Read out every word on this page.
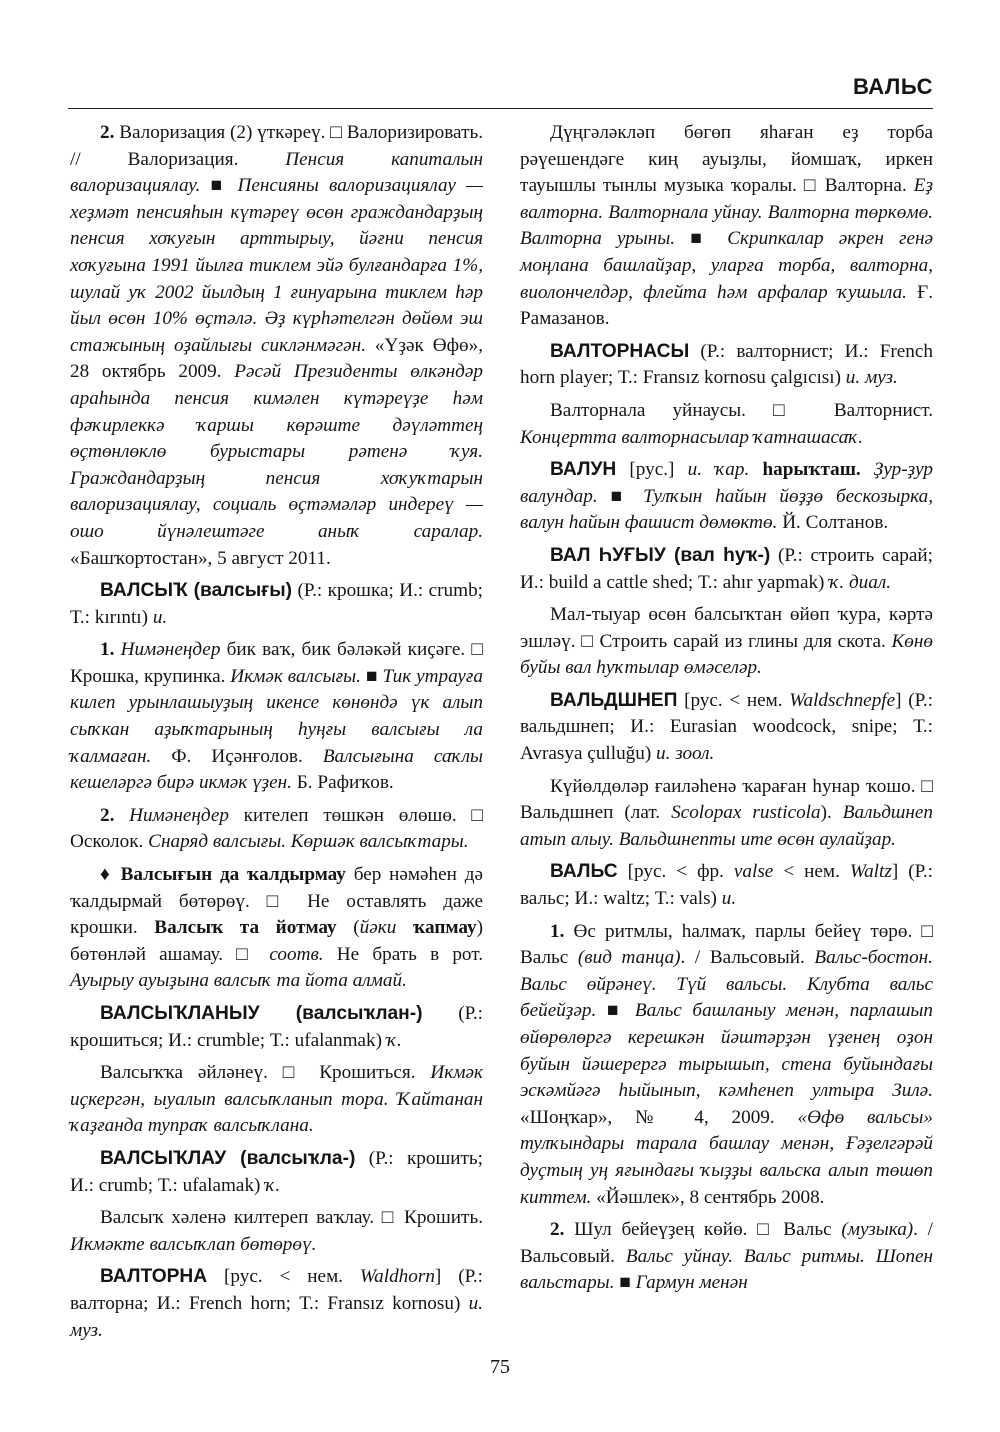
ВАЛЬС

2. Валоризация (2) үткәреү. □ Валоризировать. // Валоризация. Пенсия капиталын валоризациялау. ■ Пенсияны валоризациялау — хеҙмәт пенсияһын күтәреү өсөн граждандарҙың пенсия хоҡуғын арттырыу, йәғни пенсия хоҡуғына 1991 йылға тиклем эйә булғандарға 1%, шулай уҡ 2002 йылдың 1 ғинуарына тиклем һәр йыл өсөн 10% өҫтәлә. Әҙ күрһәтелгән дөйөм эш стажының оҙайлығы сикләнмәгән. «Үҙәк Өфө», 28 октябрь 2009. Рәсәй Президенты өлкәндәр араһында пенсия кимәлен күтәреүҙе һәм фәҡирлеккә ҡаршы көрәште дәүләттең өҫтөнлөклө бурыстары рәтенә ҡуя. Граждандарҙың пенсия хоҡуҡтарын валоризациялау, социаль өҫтәмәләр индереү — ошо йүнәлештәге аныҡ саралар. «Башҡортостан», 5 август 2011.

ВАЛСЫҠ (валсығы) (Р.: крошка; И.: crumb; Т.: kırıntı) и.

1. Нимәнеңдер бик ваҡ, бик бәләкәй киҫәге. □ Крошка, крупинка. Икмәк валсығы. ■ Тик утрауға килеп урынлашыуҙың икенсе көнөндә үк алып сыҡкан аҙыҡтарының һуңғы валсығы ла ҡалмаған. Ф. Иҫәнғолов. Валсығына саҡлы кешеләргә бирә икмәк үҙен. Б. Рафиҡов.

2. Нимәнеңдер кителеп төшкән өлөшө. □ Осколок. Снаряд валсығы. Көршәк валсыҡтары.

♦ Валсығын да ҡалдырмау бер нәмәһен дә ҡалдырмай бөтөрөү. □ Не оставлять даже крошки. Валсыҡ та йотмау (йәки ҡапмау) бөтөнләй ашамау. □ соотв. Не брать в рот. Ауырыу ауыҙына валсыҡ та йота алмай.

ВАЛСЫҠЛАНЫУ (валсыҡлан-) (Р.: крошиться; И.: crumble; Т.: ufalanmak) ҡ.

Валсыҡҡа әйләнеү. □ Крошиться. Икмәк иҫкергән, ыуалып валсыҡланып тора. Ҡайтанан ҡаҙғанда тупраҡ валсыҡлана.

ВАЛСЫҠЛАУ (валсыҡла-) (Р.: крошить; И.: crumb; Т.: ufalamak) ҡ.

Валсыҡ хәленә килтереп ваҡлау. □ Крошить. Икмәкте валсыҡлап бөтөрөү.

ВАЛТОРНА [рус. < нем. Waldhorn] (Р.: валторна; И.: French horn; Т.: Fransız kornosu) и. муз.

Дүңгәләкләп бөгөп яһаған еҙ торба рәүешендәге киң ауыҙлы, йомшаҡ, иркен тауышлы тынлы музыка ҡоралы. □ Валторна. Еҙ валторна. Валторнала уйнау. Валторна төркөмө. Валторна урыны. ■ Скрипкалар әкрен генә моңлана башлайҙар, уларға торба, валторна, виолончелдәр, флейта һәм арфалар ҡушыла. Ғ. Рамазанов.

ВАЛТОРНАСЫ (Р.: валторнист; И.: French horn player; Т.: Fransız kornosu çalgıcısı) и. муз.

Валторнала уйнаусы. □ Валторнист. Концертта валторнасылар ҡатнашасаҡ.

ВАЛУН [рус.] и. ҡар. һарыҡташ. Ҙур-ҙур валундар. ■ Тулҡын һайын йөҙҙө бескозырка, валун һайын фашист дөмөктө. Й. Солтанов.

ВАЛ ҺУҒЫУ (вал һуҡ-) (Р.: строить сарай; И.: build a cattle shed; Т.: ahır yapmak) ҡ. диал.

Мал-тыуар өсөн балсыҡтан өйөп ҡура, кәртә эшләү. □ Строить сарай из глины для скота. Көнө буйы вал һуҡтылар өмәселәр.

ВАЛЬДШНЕП [рус. < нем. Waldschnepfe] (Р.: вальдшнеп; И.: Eurasian woodcock, snipe; Т.: Avrasya çulluğu) и. зоол.

Күйөлдөләр ғаиләһенә ҡараған һунар ҡошо. □ Вальдшнеп (лат. Scolopax rusticola). Вальдшнеп атып алыу. Вальдшнепты ите өсөн аулайҙар.

ВАЛЬС [рус. < фр. valse < нем. Waltz] (Р.: вальс; И.: waltz; Т.: vals) и.

1. Өс ритмлы, һалмаҡ, парлы бейеү төрө. □ Вальс (вид танца). / Вальсовый. Вальс-бостон. Вальс өйрәнеү. Түй вальсы. Клубта вальс бейейҙәр. ■ Вальс башланыу менән, парлашып өйөрөлөргә керешкән йәштәрҙән үҙенең оҙон буйын йәшерергә тырышып, стена буйындағы эскәмйәгә һыйынып, кәмһенеп ултыра Зилә. «Шоңҡар», № 4, 2009. «Өфө вальсы» тулҡындары тарала башлау менән, Ғәҙелгәрәй дуҫтың уң яғындағы ҡыҙҙы вальска алып төшөп киттем. «Йәшлек», 8 сентябрь 2008.

2. Шул бейеүҙең көйө. □ Вальс (музыка). / Вальсовый. Вальс уйнау. Вальс ритмы. Шопен вальстары. ■ Гармун менән

75
